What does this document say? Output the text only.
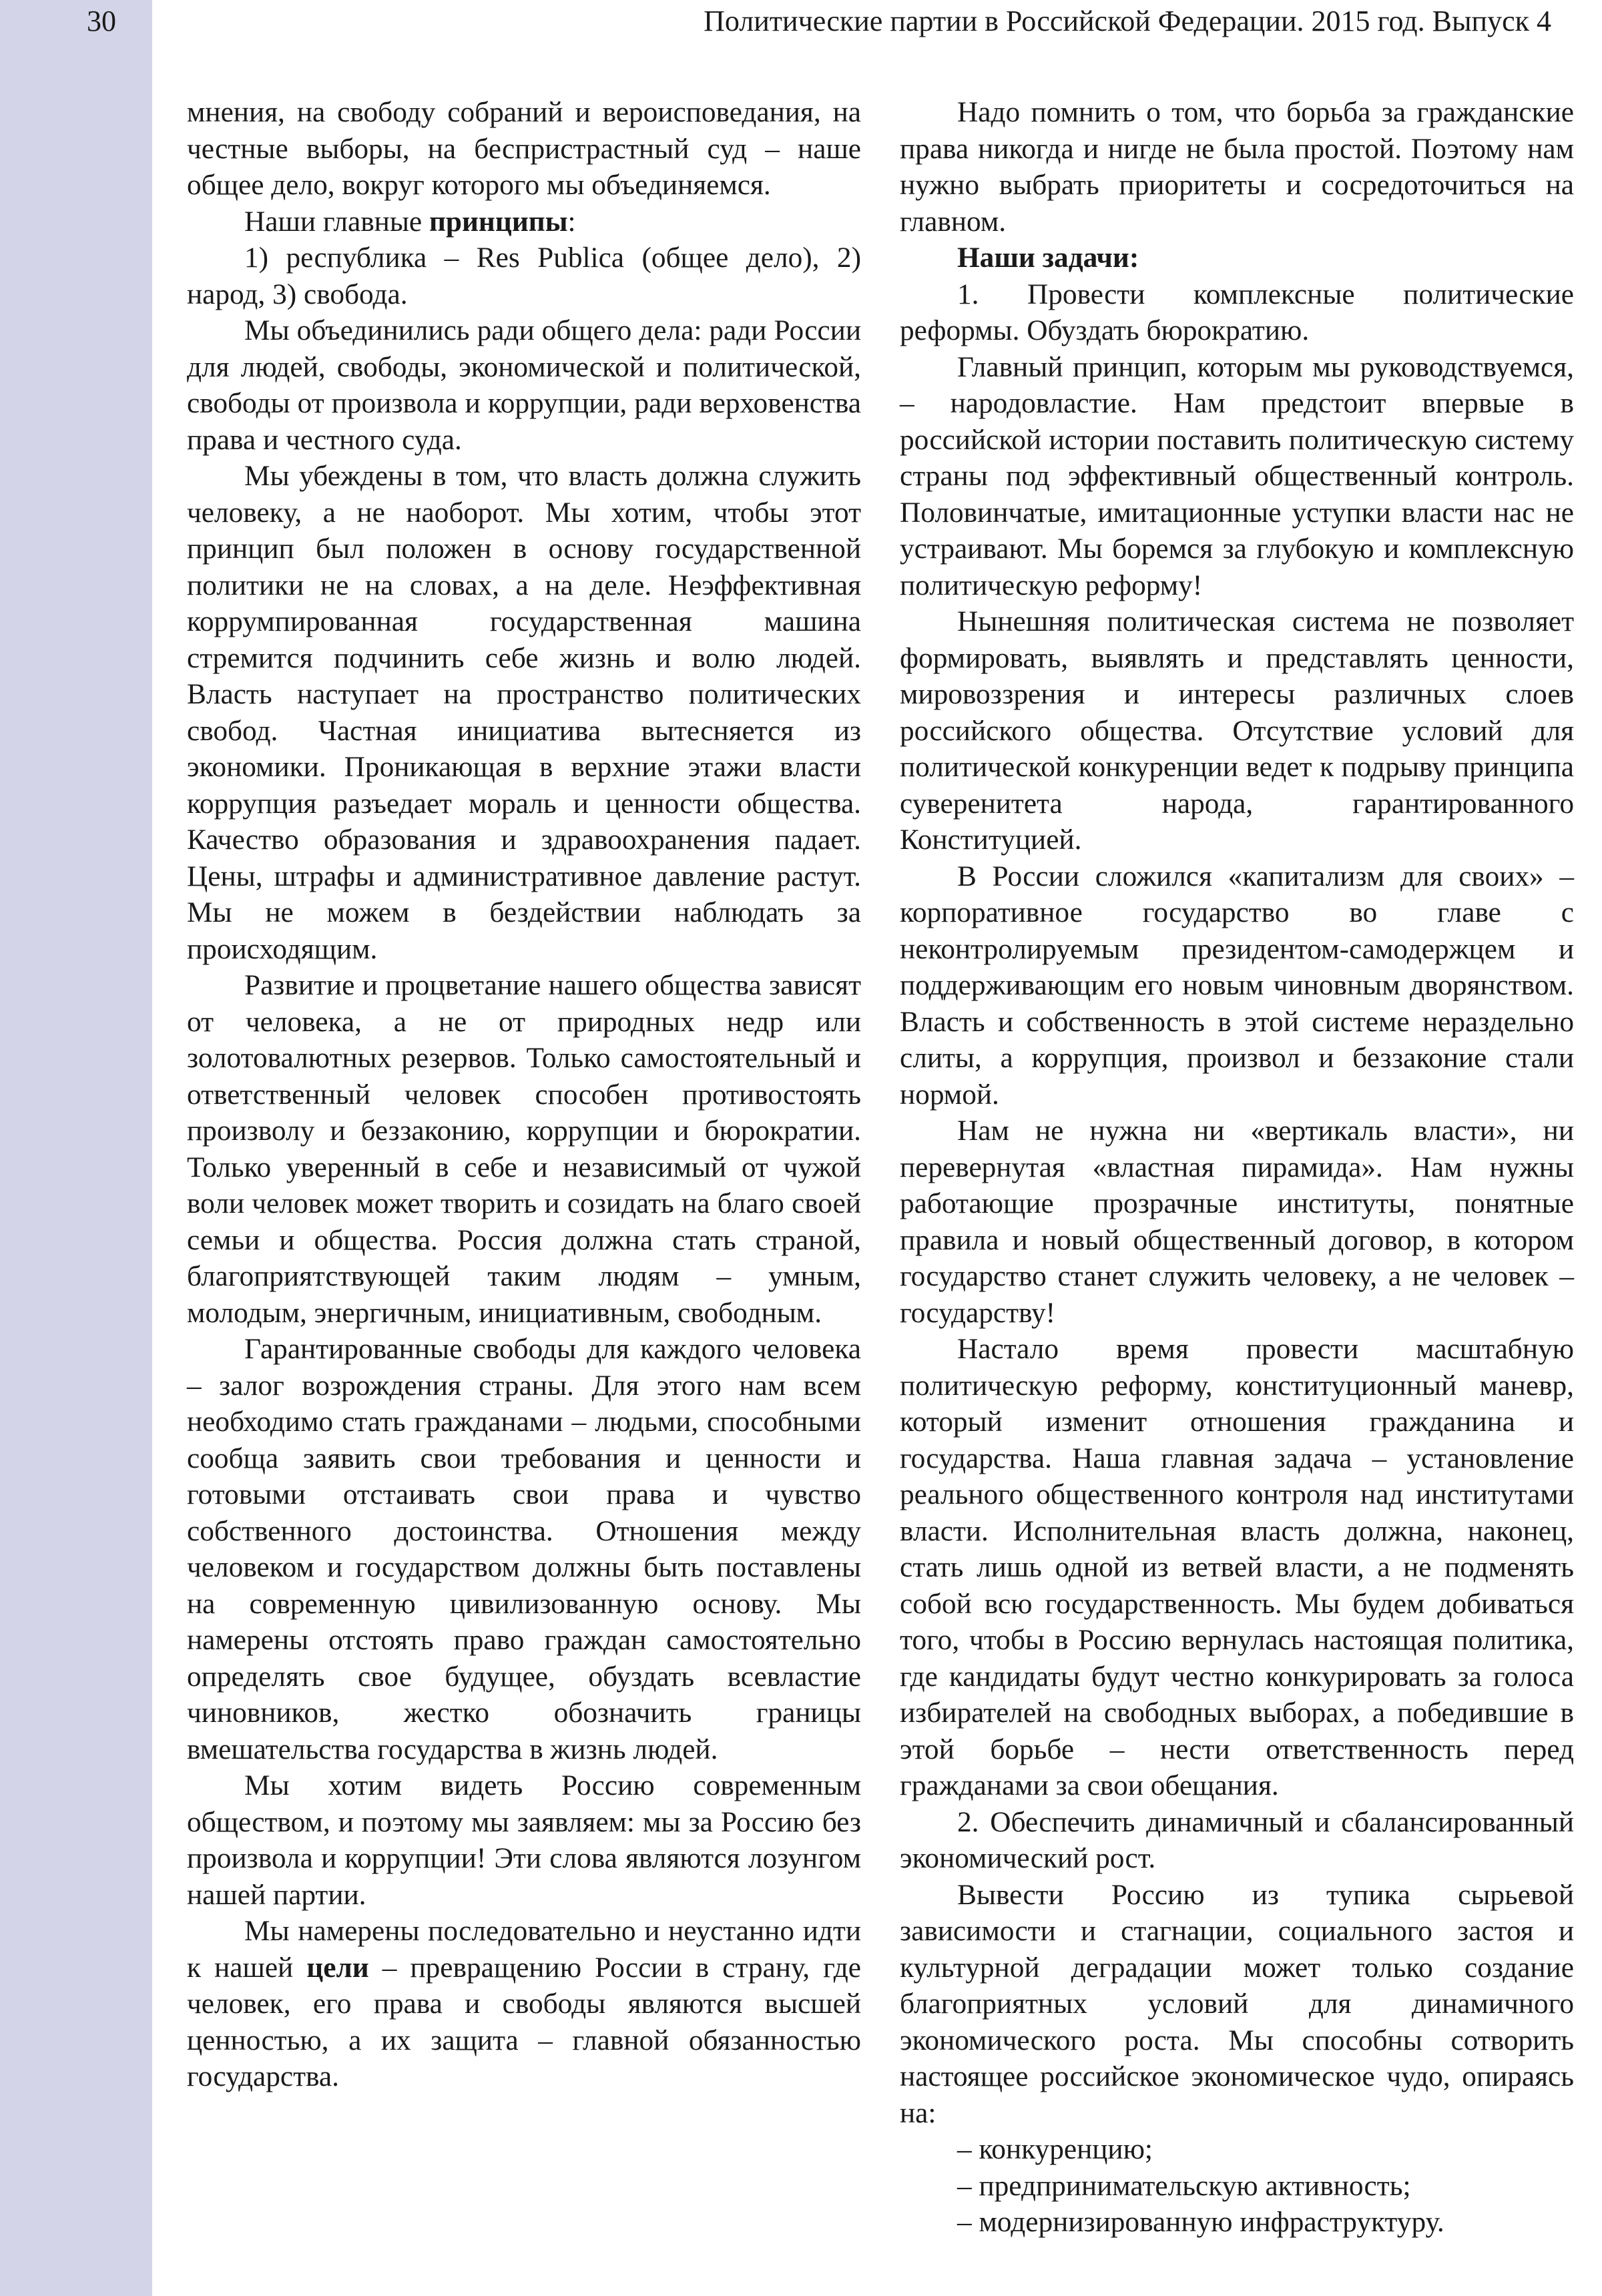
30	Политические партии в Российской Федерации. 2015 год. Выпуск 4

мнения, на свободу собраний и вероисповедания, на честные выборы, на беспристрастный суд – наше общее дело, вокруг которого мы объединяемся.

Наши главные принципы:

1) республика – Res Publica (общее дело), 2) народ, 3) свобода.

Мы объединились ради общего дела: ради России для людей, свободы, экономической и политической, свободы от произвола и коррупции, ради верховенства права и честного суда.

Мы убеждены в том, что власть должна служить человеку, а не наоборот. Мы хотим, чтобы этот принцип был положен в основу государственной политики не на словах, а на деле. Неэффективная коррумпированная государственная машина стремится подчинить себе жизнь и волю людей. Власть наступает на пространство политических свобод. Частная инициатива вытесняется из экономики. Проникающая в верхние этажи власти коррупция разъедает мораль и ценности общества. Качество образования и здравоохранения падает. Цены, штрафы и административное давление растут. Мы не можем в бездействии наблюдать за происходящим.

Развитие и процветание нашего общества зависят от человека, а не от природных недр или золотовалютных резервов. Только самостоятельный и ответственный человек способен противостоять произволу и беззаконию, коррупции и бюрократии. Только уверенный в себе и независимый от чужой воли человек может творить и созидать на благо своей семьи и общества. Россия должна стать страной, благоприятствующей таким людям – умным, молодым, энергичным, инициативным, свободным.

Гарантированные свободы для каждого человека – залог возрождения страны. Для этого нам всем необходимо стать гражданами – людьми, способными сообща заявить свои требования и ценности и готовыми отстаивать свои права и чувство собственного достоинства. Отношения между человеком и государством должны быть поставлены на современную цивилизованную основу. Мы намерены отстоять право граждан самостоятельно определять свое будущее, обуздать всевластие чиновников, жестко обозначить границы вмешательства государства в жизнь людей.

Мы хотим видеть Россию современным обществом, и поэтому мы заявляем: мы за Россию без произвола и коррупции! Эти слова являются лозунгом нашей партии.

Мы намерены последовательно и неустанно идти к нашей цели – превращению России в страну, где человек, его права и свободы являются высшей ценностью, а их защита – главной обязанностью государства.

Надо помнить о том, что борьба за гражданские права никогда и нигде не была простой. Поэтому нам нужно выбрать приоритеты и сосредоточиться на главном.

Наши задачи:

1. Провести комплексные политические реформы. Обуздать бюрократию.

Главный принцип, которым мы руководствуемся, – народовластие. Нам предстоит впервые в российской истории поставить политическую систему страны под эффективный общественный контроль. Половинчатые, имитационные уступки власти нас не устраивают. Мы боремся за глубокую и комплексную политическую реформу!

Нынешняя политическая система не позволяет формировать, выявлять и представлять ценности, мировоззрения и интересы различных слоев российского общества. Отсутствие условий для политической конкуренции ведет к подрыву принципа суверенитета народа, гарантированного Конституцией.

В России сложился «капитализм для своих» – корпоративное государство во главе с неконтролируемым президентом-самодержцем и поддерживающим его новым чиновным дворянством. Власть и собственность в этой системе нераздельно слиты, а коррупция, произвол и беззаконие стали нормой.

Нам не нужна ни «вертикаль власти», ни перевернутая «властная пирамида». Нам нужны работающие прозрачные институты, понятные правила и новый общественный договор, в котором государство станет служить человеку, а не человек – государству!

Настало время провести масштабную политическую реформу, конституционный маневр, который изменит отношения гражданина и государства. Наша главная задача – установление реального общественного контроля над институтами власти. Исполнительная власть должна, наконец, стать лишь одной из ветвей власти, а не подменять собой всю государственность. Мы будем добиваться того, чтобы в Россию вернулась настоящая политика, где кандидаты будут честно конкурировать за голоса избирателей на свободных выборах, а победившие в этой борьбе – нести ответственность перед гражданами за свои обещания.

2. Обеспечить динамичный и сбалансированный экономический рост.

Вывести Россию из тупика сырьевой зависимости и стагнации, социального застоя и культурной деградации может только создание благоприятных условий для динамичного экономического роста. Мы способны сотворить настоящее российское экономическое чудо, опираясь на:

– конкуренцию;

– предпринимательскую активность;

– модернизированную инфраструктуру.
